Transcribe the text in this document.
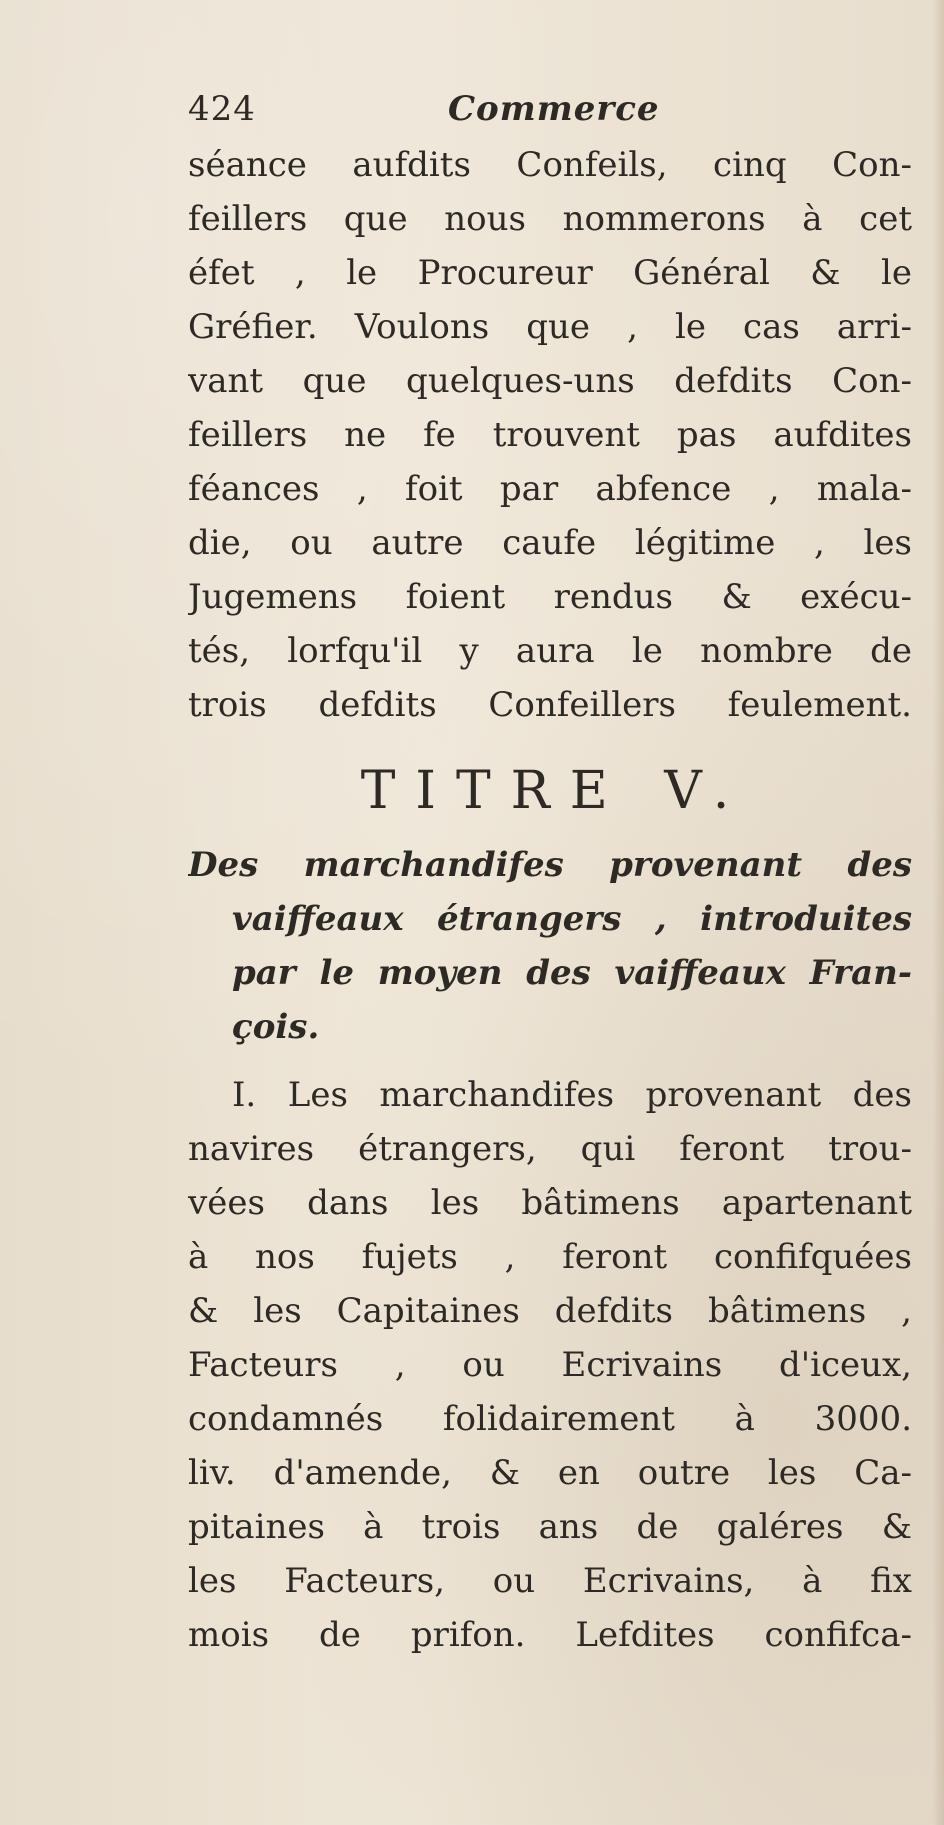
424	Commerce
séance aufdits Confeils, cinq Con-
feillers que nous nommerons à cet
éfet , le Procureur Général & le
Gréfier. Voulons que , le cas arri-
vant que quelques-uns defdits Con-
feillers ne fe trouvent pas aufdites
féances , foit par abfence , mala-
die, ou autre caufe légitime , les
Jugemens foient rendus & exécu-
tés, lorfqu'il y aura le nombre de
trois defdits Confeillers feulement.
TITRE V.
Des marchandifes provenant des
vaiffeaux étrangers , introduites
par le moyen des vaiffeaux Fran-
çois.
I. Les marchandifes provenant des
navires étrangers, qui feront trou-
vées dans les bâtimens apartenant
à nos fujets , feront confifquées
& les Capitaines defdits bâtimens ,
Facteurs , ou Ecrivains d'iceux,
condamnés folidairement à 3000.
liv. d'amende, & en outre les Ca-
pitaines à trois ans de galéres &
les Facteurs, ou Ecrivains, à fix
mois de prifon. Lefdites confifca-
